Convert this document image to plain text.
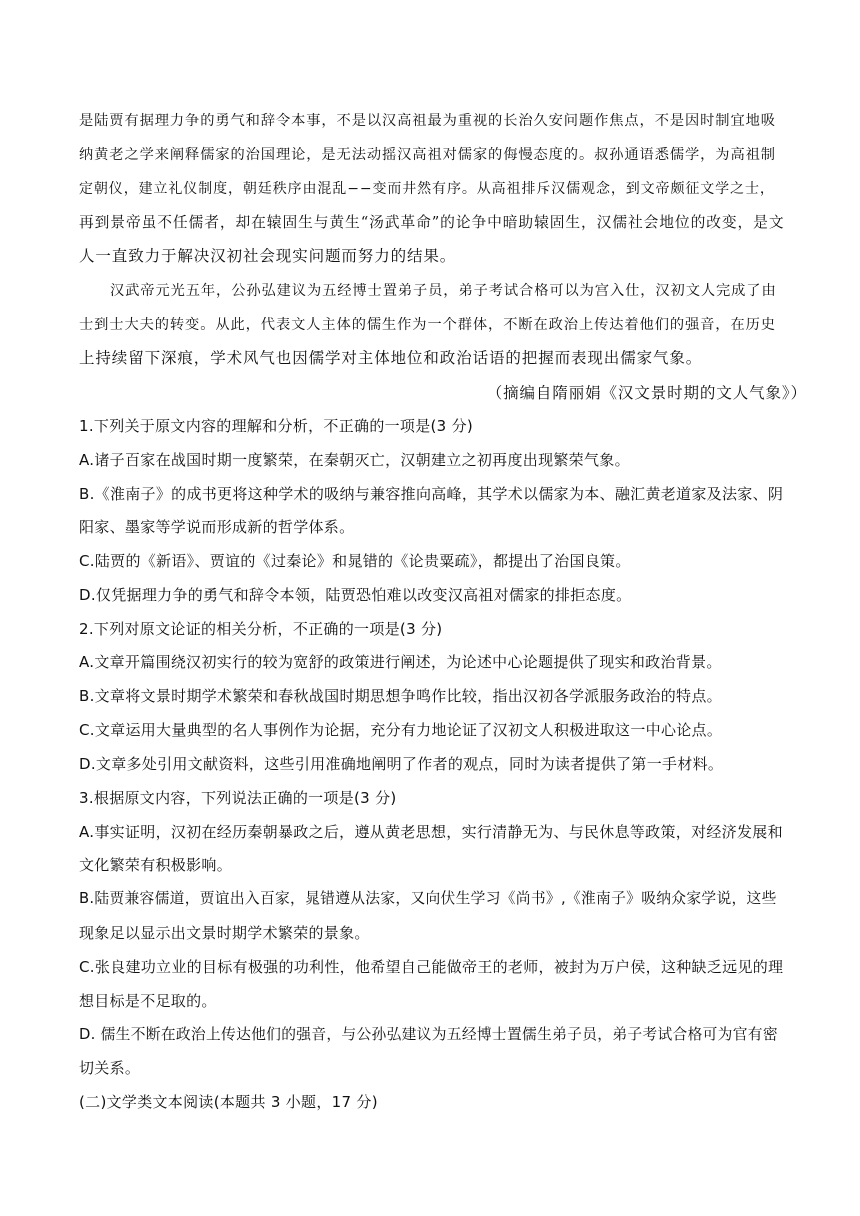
是陆贾有据理力争的勇气和辞令本事，不是以汉高祖最为重视的长治久安问题作焦点，不是因时制宜地吸
纳黄老之学来阐释儒家的治国理论，是无法动摇汉高祖对儒家的侮慢态度的。叔孙通语悉儒学，为高祖制
定朝仪，建立礼仪制度，朝廷秩序由混乱−−变而井然有序。从高祖排斥汉儒观念，到文帝颇征文学之士，
再到景帝虽不任儒者，却在辕固生与黄生“汤武革命”的论争中暗助辕固生，汉儒社会地位的改变，是文
人一直致力于解决汉初社会现实问题而努力的结果。
汉武帝元光五年，公孙弘建议为五经博士置弟子员，弟子考试合格可以为宫入仕，汉初文人完成了由
士到士大夫的转变。从此，代表文人主体的儒生作为一个群体，不断在政治上传达着他们的强音，在历史
上持续留下深痕，学术风气也因儒学对主体地位和政治话语的把握而表现出儒家气象。
（摘编自隋丽娟《汉文景时期的文人气象》）
1.下列关于原文内容的理解和分析，不正确的一项是(3 分)
A.诸子百家在战国时期一度繁荣，在秦朝灭亡，汉朝建立之初再度出现繁荣气象。
B.《淮南子》的成书更将这种学术的吸纳与兼容推向高峰，其学术以儒家为本、融汇黄老道家及法家、阴
阳家、墨家等学说而形成新的哲学体系。
C.陆贾的《新语》、贾谊的《过秦论》和晁错的《论贵粟疏》，都提出了治国良策。
D.仅凭据理力争的勇气和辞令本领，陆贾恐怕难以改变汉高祖对儒家的排拒态度。
2.下列对原文论证的相关分析，不正确的一项是(3 分)
A.文章开篇围绕汉初实行的较为宽舒的政策进行阐述，为论述中心论题提供了现实和政治背景。
B.文章将文景时期学术繁荣和春秋战国时期思想争鸣作比较，指出汉初各学派服务政治的特点。
C.文章运用大量典型的名人事例作为论据，充分有力地论证了汉初文人积极进取这一中心论点。
D.文章多处引用文献资料，这些引用准确地阐明了作者的观点，同时为读者提供了第一手材料。
3.根据原文内容，下列说法正确的一项是(3 分)
A.事实证明，汉初在经历秦朝暴政之后，遵从黄老思想，实行清静无为、与民休息等政策，对经济发展和
文化繁荣有积极影响。
B.陆贾兼容儒道，贾谊出入百家，晁错遵从法家，又向伏生学习《尚书》,《淮南子》吸纳众家学说，这些
现象足以显示出文景时期学术繁荣的景象。
C.张良建功立业的目标有极强的功利性，他希望自己能做帝王的老师，被封为万户侯，这种缺乏远见的理
想目标是不足取的。
D. 儒生不断在政治上传达他们的强音，与公孙弘建议为五经博士置儒生弟子员，弟子考试合格可为官有密
切关系。
(二)文学类文本阅读(本题共 3 小题，17 分)
